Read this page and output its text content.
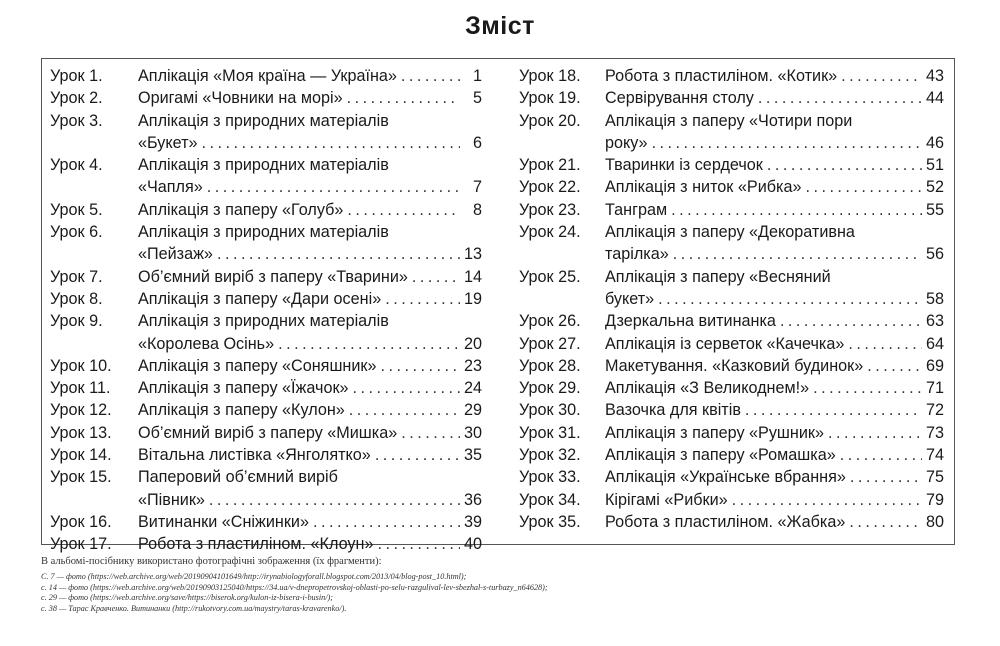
Зміст
Урок 1.	Аплікація «Моя країна — Україна» . . .	1
Урок 2.	Оригамі «Човники на морі» . . .	5
Урок 3.	Аплікація з природних матеріалів
«Букет» . . .	6
Урок 4.	Аплікація з природних матеріалів
«Чапля» . . .	7
Урок 5.	Аплікація з паперу «Голуб» . . .	8
Урок 6.	Аплікація з природних матеріалів
«Пейзаж» . . .	13
Урок 7.	Об’ємний виріб з паперу «Тварини» . . .	14
Урок 8.	Аплікація з паперу «Дари осені» . . .	19
Урок 9.	Аплікація з природних матеріалів
«Королева Осінь» . . .	20
Урок 10.	Аплікація з паперу «Соняшник» . . .	23
Урок 11.	Аплікація з паперу «Їжачок» . . .	24
Урок 12.	Аплікація з паперу «Кулон» . . .	29
Урок 13.	Об’ємний виріб з паперу «Мишка» . . .	30
Урок 14.	Вітальна листівка «Янголятко» . . .	35
Урок 15.	Паперовий об’ємний виріб
«Півник» . . .	36
Урок 16.	Витинанки «Сніжинки» . . .	39
Урок 17.	Робота з пластиліном. «Клоун» . . .	40
Урок 18.	Робота з пластиліном. «Котик» . . .	43
Урок 19.	Сервірування столу . . .	44
Урок 20.	Аплікація з паперу «Чотири пори
року» . . .	46
Урок 21.	Тваринки із сердечок . . .	51
Урок 22.	Аплікація з ниток «Рибка» . . .	52
Урок 23.	Танграм . . .	55
Урок 24.	Аплікація з паперу «Декоративна
тарілка» . . .	56
Урок 25.	Аплікація з паперу «Весняний
букет» . . .	58
Урок 26.	Дзеркальна витинанка . . .	63
Урок 27.	Аплікація із серветок «Качечка» . . .	64
Урок 28.	Макетування. «Казковий будинок» . . .	69
Урок 29.	Аплікація «З Великоднем!» . . .	71
Урок 30.	Вазочка для квітів . . .	72
Урок 31.	Аплікація з паперу «Рушник» . . .	73
Урок 32.	Аплікація з паперу «Ромашка» . . .	74
Урок 33.	Аплікація «Українське вбрання» . . .	75
Урок 34.	Кірігамі «Рибки» . . .	79
Урок 35.	Робота з пластиліном. «Жабка» . . .	80
В альбомі-посібнику використано фотографічні зображення (їх фрагменти):
С. 7 — фото (https://web.archive.org/web/20190904101649/http://irynabiologyforall.blogspot.com/2013/04/blog-post_10.html);
с. 14 — фото (https://web.archive.org/web/20190903125040/https://34.ua/v-dnepropetrovskoj-oblasti-po-selu-razgulival-lev-sbezhal-s-turbazy_n64628);
с. 29 — фото (https://web.archive.org/save/https://biserok.org/kulon-iz-bisera-i-busin/);
с. 38 — Тарас Кравченко. Витинанки (http://rukotvory.com.ua/maystry/taras-kravarenko/).
